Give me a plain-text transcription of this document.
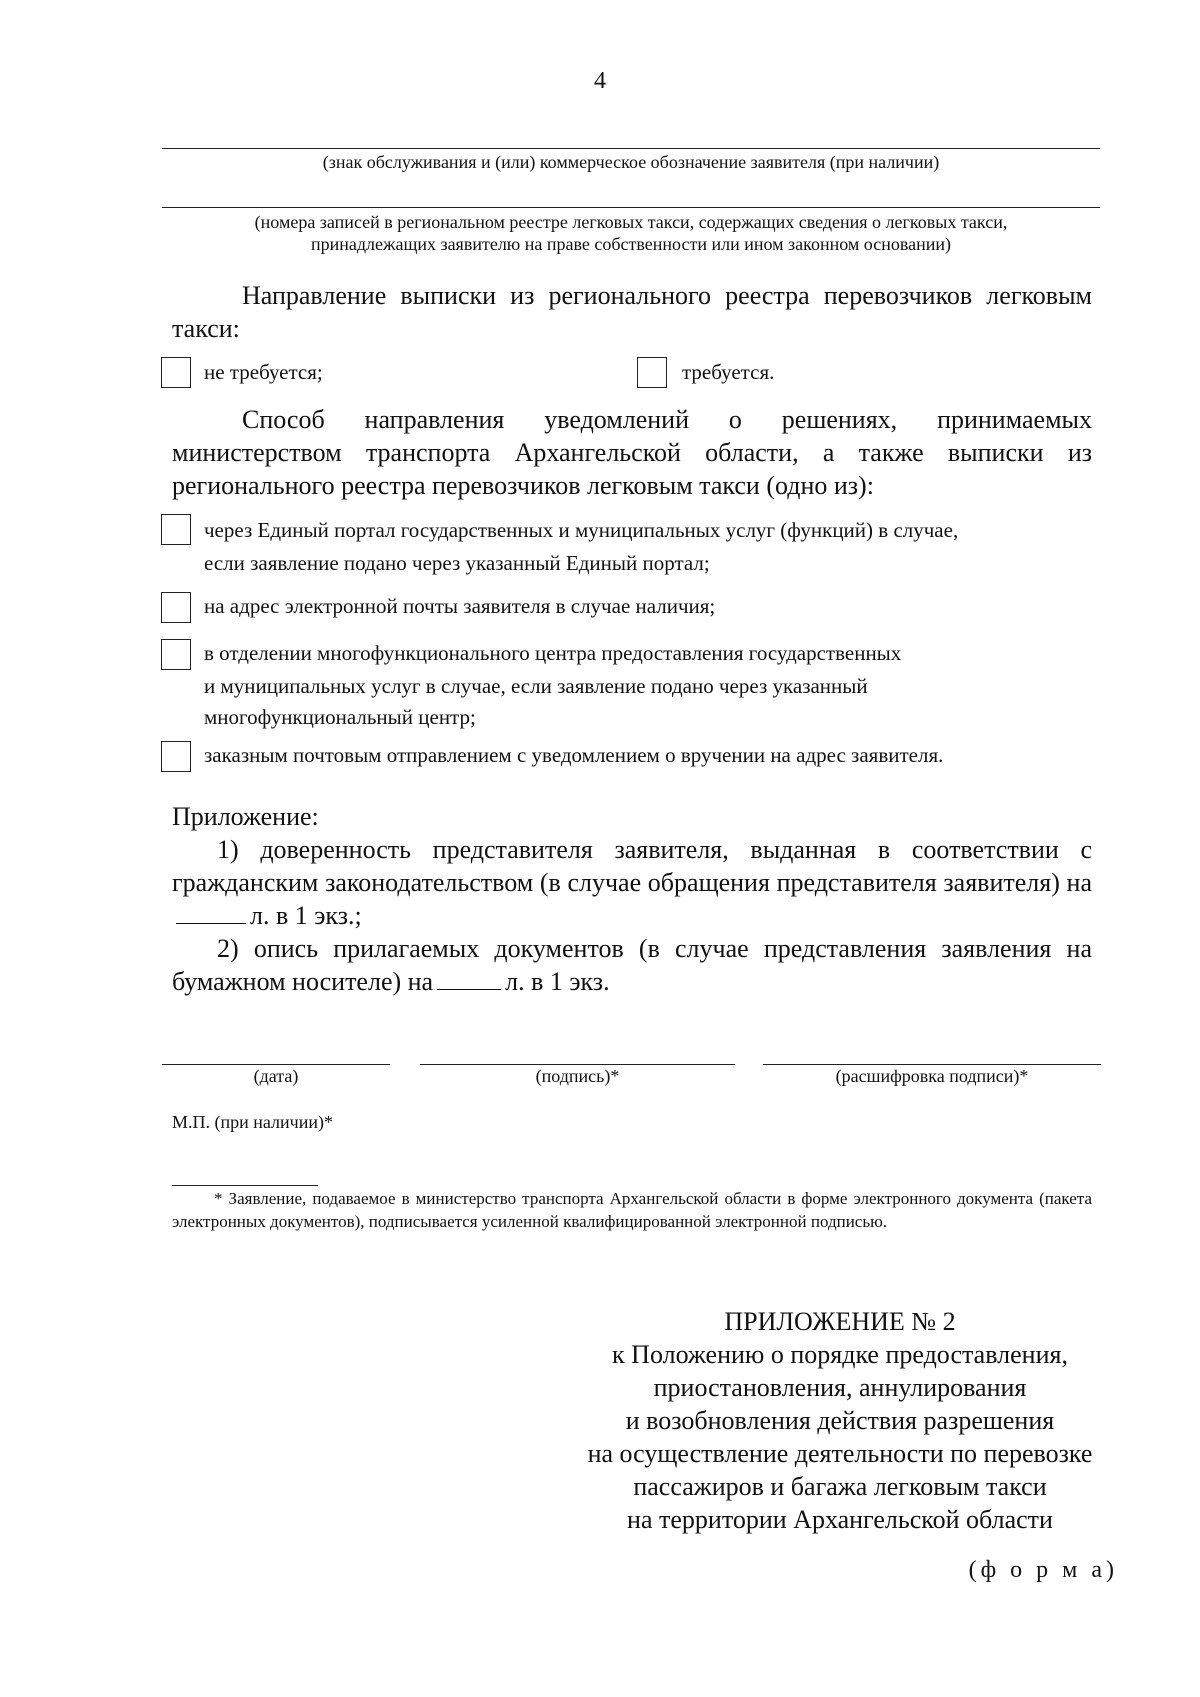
4
(знак обслуживания и (или) коммерческое обозначение заявителя (при наличии)
(номера записей в региональном реестре легковых такси, содержащих сведения о легковых такси,
принадлежащих заявителю на праве собственности или ином законном основании)
Направление выписки из регионального реестра перевозчиков легковым такси:
не требуется;	требуется.
Способ направления уведомлений о решениях, принимаемых министерством транспорта Архангельской области, а также выписки из регионального реестра перевозчиков легковым такси (одно из):
через Единый портал государственных и муниципальных услуг (функций) в случае,
если заявление подано через указанный Единый портал;
на адрес электронной почты заявителя в случае наличия;
в отделении многофункционального центра предоставления государственных
и муниципальных услуг в случае, если заявление подано через указанный
многофункциональный центр;
заказным почтовым отправлением с уведомлением о вручении на адрес заявителя.
Приложение:
1) доверенность представителя заявителя, выданная в соответствии с гражданским законодательством (в случае обращения представителя заявителя) нал. в 1 экз.;
2) опись прилагаемых документов (в случае представления заявления на бумажном носителе) на	л. в 1 экз.
(дата)	(подпись)*	(расшифровка подписи)*
М.П. (при наличии)*
* Заявление, подаваемое в министерство транспорта Архангельской области в форме электронного документа (пакета электронных документов), подписывается усиленной квалифицированной электронной подписью.
ПРИЛОЖЕНИЕ № 2
к Положению о порядке предоставления,
приостановления, аннулирования
и возобновления действия разрешения
на осуществление деятельности по перевозке
пассажиров и багажа легковым такси
на территории Архангельской области
(ф о р м а)
